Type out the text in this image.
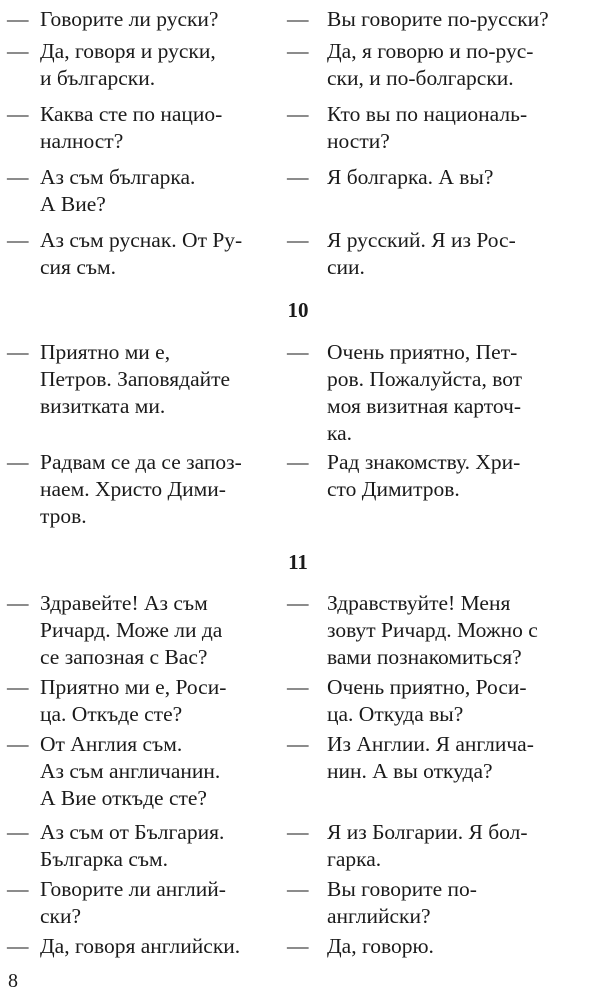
— Говорите ли руски?	— Вы говорите по-русски?
— Да, говоря и руски,
и български.
— Да, я говорю и по-рус-
ски, и по-болгарски.
— Каква сте по нацио-
налност?
— Кто вы по националь-
ности?
— Аз съм българка.
А Вие?
— Я болгарка. А вы?
— Аз съм руснак. От Ру-
сия съм.
— Я русский. Я из Рос-
сии.
10
— Приятно ми е,
Петров. Заповядайте
визитката ми.
— Очень приятно, Пет-
ров. Пожалуйста, вот
моя визитная карточ-
ка.
— Радвам се да се запоз-
наем. Христо Дими-
тров.
— Рад знакомству. Хри-
сто Димитров.
11
— Здравейте! Аз съм
Ричард. Може ли да
се запозная с Вас?
— Здравствуйте! Меня
зовут Ричард. Можно с
вами познакомиться?
— Приятно ми е, Роси-
ца. Откъде сте?
— Очень приятно, Роси-
ца. Откуда вы?
— От Англия съм.
Аз съм англичанин.
А Вие откъде сте?
— Из Англии. Я англича-
нин. А вы откуда?
— Аз съм от България.
Българка съм.
— Я из Болгарии. Я бол-
гарка.
— Говорите ли англий-
ски?
— Вы говорите по-
английски?
— Да, говоря английски.	— Да, говорю.
8
